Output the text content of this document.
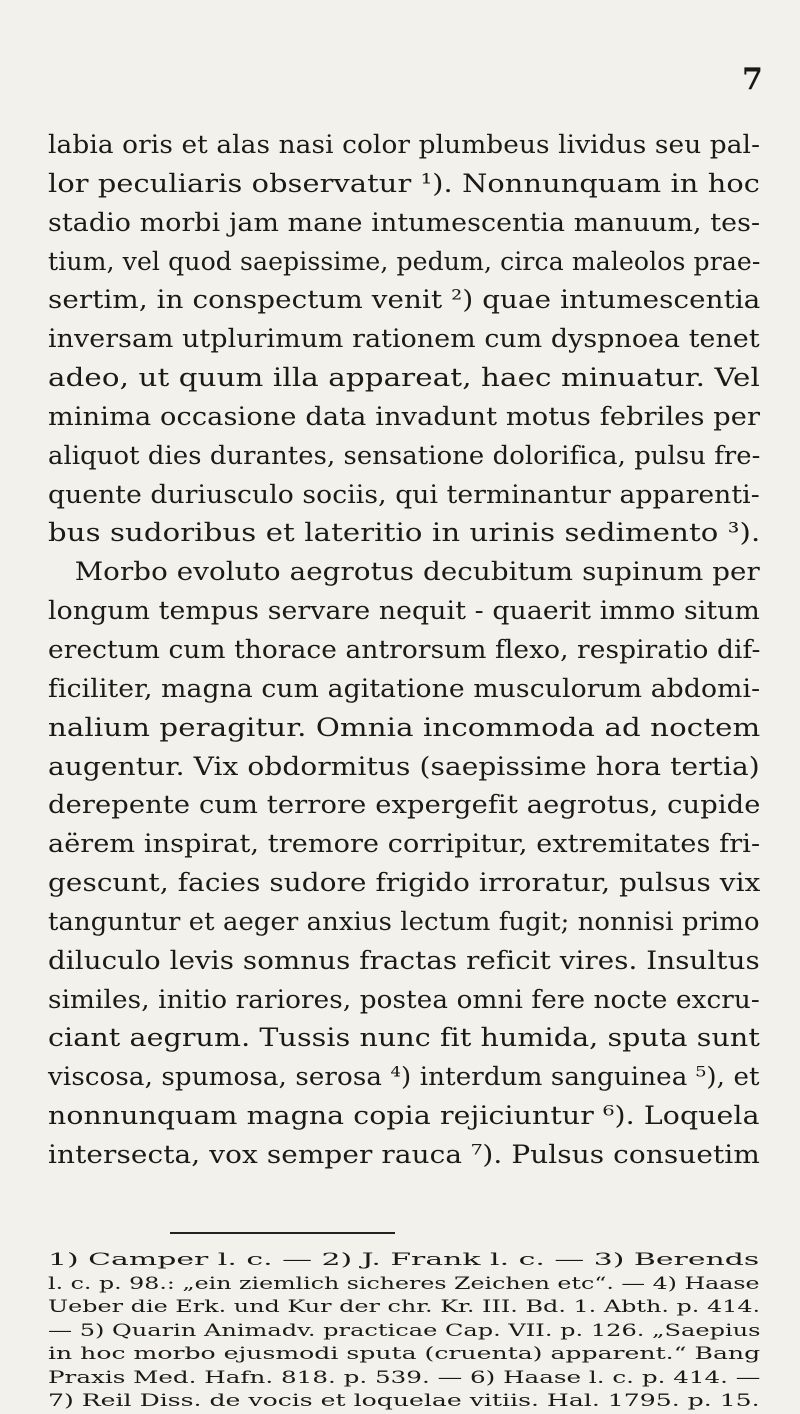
7
labia oris et alas nasi color plumbeus lividus seu pal-
lor peculiaris observatur ¹). Nonnunquam in hoc
stadio morbi jam mane intumescentia manuum, tes-
tium, vel quod saepissime, pedum, circa maleolos prae-
sertim, in conspectum venit ²) quae intumescentia
inversam utplurimum rationem cum dyspnoea tenet
adeo, ut quum illa appareat, haec minuatur. Vel
minima occasione data invadunt motus febriles per
aliquot dies durantes, sensatione dolorifica, pulsu fre-
quente duriusculo sociis, qui terminantur apparenti-
bus sudoribus et lateritio in urinis sedimento ³).
Morbo evoluto aegrotus decubitum supinum per
longum tempus servare nequit - quaerit immo situm
erectum cum thorace antrorsum flexo, respiratio dif-
ficiliter, magna cum agitatione musculorum abdomi-
nalium peragitur. Omnia incommoda ad noctem
augentur. Vix obdormitus (saepissime hora tertia)
derepente cum terrore expergefit aegrotus, cupide
aërem inspirat, tremore corripitur, extremitates fri-
gescunt, facies sudore frigido irroratur, pulsus vix
tanguntur et aeger anxius lectum fugit; nonnisi primo
diluculo levis somnus fractas reficit vires. Insultus
similes, initio rariores, postea omni fere nocte excru-
ciant aegrum. Tussis nunc fit humida, sputa sunt
viscosa, spumosa, serosa ⁴) interdum sanguinea ⁵), et
nonnunquam magna copia rejiciuntur ⁶). Loquela
intersecta, vox semper rauca ⁷). Pulsus consuetim
1) Camper l. c. — 2) J. Frank l. c. — 3) Berends
l. c. p. 98.: „ein ziemlich sicheres Zeichen etc“. — 4) Haase
Ueber die Erk. und Kur der chr. Kr. III. Bd. 1. Abth. p. 414.
— 5) Quarin Animadv. practicae Cap. VII. p. 126. „Saepius
in hoc morbo ejusmodi sputa (cruenta) apparent.“ Bang
Praxis Med. Hafn. 818. p. 539. — 6) Haase l. c. p. 414. —
7) Reil Diss. de vocis et loquelae vitiis. Hal. 1795. p. 15.
